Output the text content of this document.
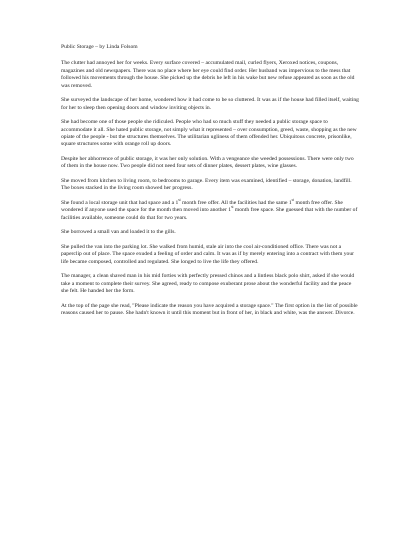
Public Storage – by Linda Folsom

The clutter had annoyed her for weeks. Every surface covered – accumulated mail, curled flyers, Xeroxed notices, coupons, magazines and old newspapers. There was no place where her eye could find order. Her husband was impervious to the mess that followed his movements through the house. She picked up the debris he left in his wake but new refuse appeared as soon as the old was removed.

She surveyed the landscape of her home, wondered how it had come to be so cluttered. It was as if the house had filled itself, waiting for her to sleep then opening doors and window inviting objects in.

She had become one of those people she ridiculed. People who had so much stuff they needed a public storage space to accommodate it all. She hated public storage, not simply what it represented – over consumption, greed, waste, shopping as the new opiate of the people - but the structures themselves. The utilitarian ugliness of them offended her. Ubiquitous concrete, prisonlike, square structures some with orange roll up doors.

Despite her abhorrence of public storage, it was her only solution. With a vengeance she weeded possessions. There were only two of them in the house now. Two people did not need four sets of dinner plates, dessert plates, wine glasses.

She moved from kitchen to living room, to bedrooms to garage. Every item was examined, identified – storage, donation, landfill. The boxes stacked in the living room showed her progress.

She found a local storage unit that had space and a 1st month free offer. All the facilities had the same 1st month free offer. She wondered if anyone used the space for the month then moved into another 1st month free space. She guessed that with the number of facilities available, someone could do that for two years.

She borrowed a small van and loaded it to the gills.

She pulled the van into the parking lot. She walked from humid, stale air into the cool air-conditioned office. There was not a paperclip out of place. The space exuded a feeling of order and calm. It was as if by merely entering into a contract with them your life became composed, controlled and regulated. She longed to live the life they offered.

The manager, a clean shaved man in his mid forties with perfectly pressed chinos and a lintless black polo shirt, asked if she would take a moment to complete their survey. She agreed, ready to compose exuberant prose about the wonderful facility and the peace she felt. He handed her the form.

At the top of the page she read, "Please indicate the reason you have acquired a storage space." The first option in the list of possible reasons caused her to pause. She hadn't known it until this moment but in front of her, in black and white, was the answer. Divorce.
